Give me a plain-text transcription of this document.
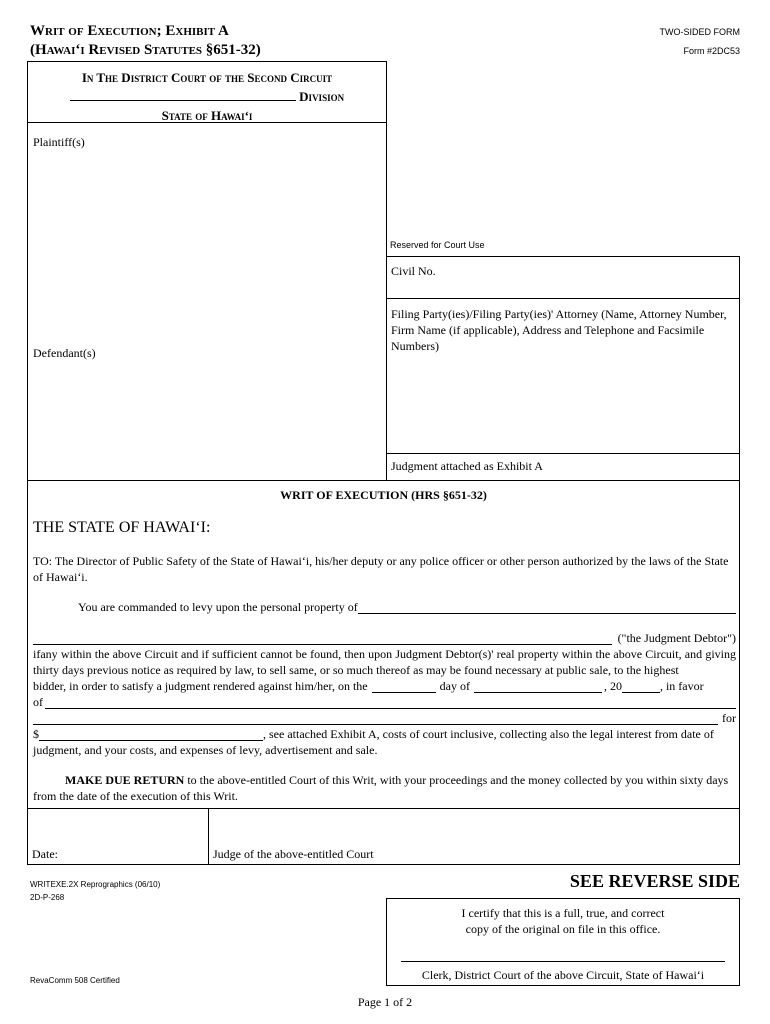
Writ of Execution; Exhibit A
(Hawai‘i Revised Statutes §651-32)
TWO-SIDED FORM
Form #2DC53
In The District Court of the Second Circuit
Division
State of Hawai‘i
Plaintiff(s)
Defendant(s)
Reserved for Court Use
Civil No.
Filing Party(ies)/Filing Party(ies)' Attorney (Name, Attorney Number, Firm Name (if applicable), Address and Telephone and Facsimile Numbers)
Judgment attached as Exhibit A
WRIT OF EXECUTION (HRS §651-32)
THE STATE OF HAWAI‘I:
TO: The Director of Public Safety of the State of Hawai‘i, his/her deputy or any police officer or other person authorized by the laws of the State of Hawai‘i.
You are commanded to levy upon the personal property of
("the Judgment Debtor")
ifany within the above Circuit and if sufficient cannot be found, then upon Judgment Debtor(s)' real property within the above Circuit, and giving thirty days previous notice as required by law, to sell same, or so much thereof as may be found necessary at public sale, to the highest
bidder, in order to satisfy a judgment rendered against him/her, on the	day of	, 20	, in favor
of
for
$	, see attached Exhibit A, costs of court inclusive, collecting also the legal interest from date of
judgment, and your costs, and expenses of levy, advertisement and sale.
MAKE DUE RETURN to the above-entitled Court of this Writ, with your proceedings and the money collected by you within sixty days from the date of the execution of this Writ.
Date:	Judge of the above-entitled Court
WRITEXE.2X Reprographics (06/10)
2D-P-268
SEE REVERSE SIDE
I certify that this is a full, true, and correct
copy of the original on file in this office.
Clerk, District Court of the above Circuit, State of Hawai‘i
RevaComm 508 Certified
Page 1 of 2
